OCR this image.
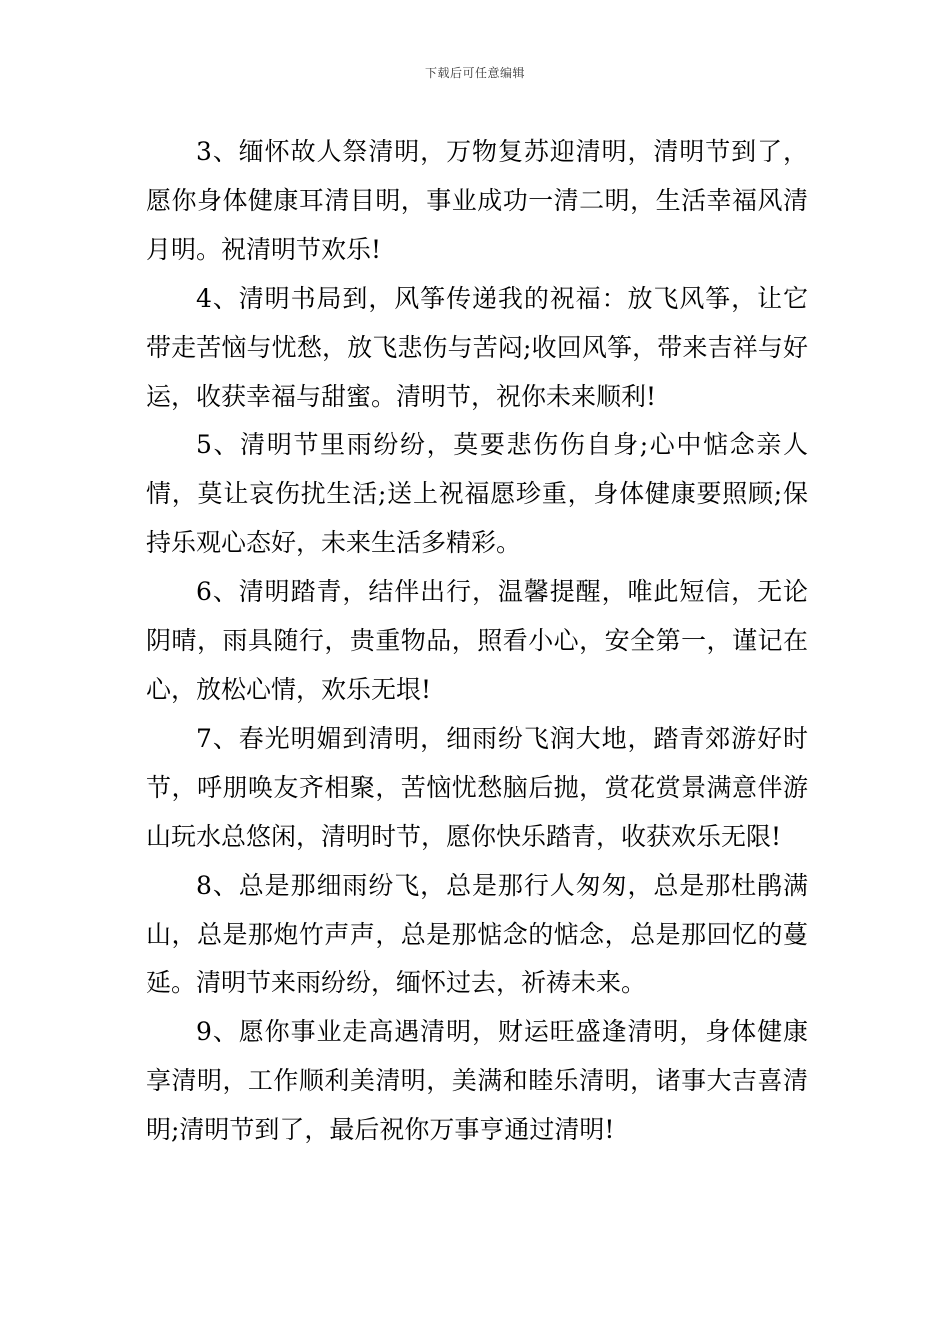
下载后可任意编辑

3、缅怀故人祭清明，万物复苏迎清明，清明节到了，愿你身体健康耳清目明，事业成功一清二明，生活幸福风清月明。祝清明节欢乐!

4、清明书局到，风筝传递我的祝福：放飞风筝，让它带走苦恼与忧愁，放飞悲伤与苦闷;收回风筝，带来吉祥与好运，收获幸福与甜蜜。清明节，祝你未来顺利!

5、清明节里雨纷纷，莫要悲伤伤自身;心中惦念亲人情，莫让哀伤扰生活;送上祝福愿珍重，身体健康要照顾;保持乐观心态好，未来生活多精彩。

6、清明踏青，结伴出行，温馨提醒，唯此短信，无论阴晴，雨具随行，贵重物品，照看小心，安全第一，谨记在心，放松心情，欢乐无垠!

7、春光明媚到清明，细雨纷飞润大地，踏青郊游好时节，呼朋唤友齐相聚，苦恼忧愁脑后抛，赏花赏景满意伴游山玩水总悠闲，清明时节，愿你快乐踏青，收获欢乐无限!

8、总是那细雨纷飞，总是那行人匆匆，总是那杜鹃满山，总是那炮竹声声，总是那惦念的惦念，总是那回忆的蔓延。清明节来雨纷纷，缅怀过去，祈祷未来。

9、愿你事业走高遇清明，财运旺盛逢清明，身体健康享清明，工作顺利美清明，美满和睦乐清明，诸事大吉喜清明;清明节到了，最后祝你万事亨通过清明!
